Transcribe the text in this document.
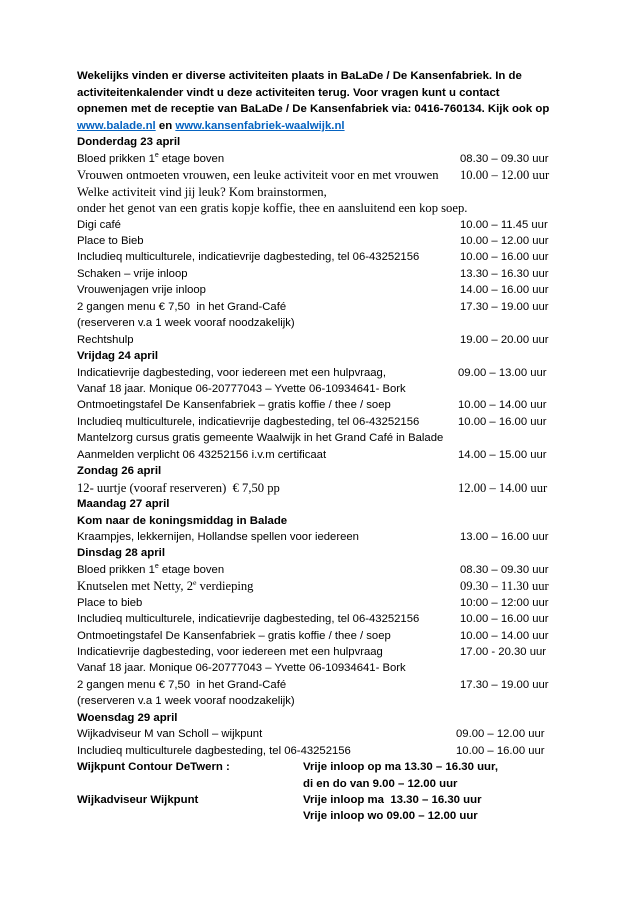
Wekelijks vinden er diverse activiteiten plaats in BaLaDe / De Kansenfabriek. In de activiteitenkalender vindt u deze activiteiten terug. Voor vragen kunt u contact opnemen met de receptie van BaLaDe / De Kansenfabriek via: 0416-760134. Kijk ook op www.balade.nl en www.kansenfabriek-waalwijk.nl

Donderdag 23 april
Bloed prikken 1e etage boven	08.30 – 09.30 uur
Vrouwen ontmoeten vrouwen, een leuke activiteit voor en met vrouwen 10.00 – 12.00 uur
Welke activiteit vind jij leuk? Kom brainstormen,
onder het genot van een gratis kopje koffie, thee en aansluitend een kop soep.
Digi café	10.00 – 11.45 uur
Place to Bieb	10.00 – 12.00 uur
Includieq multiculturele, indicatievrije dagbesteding, tel 06-43252156	10.00 – 16.00 uur
Schaken – vrije inloop	13.30 – 16.30 uur
Vrouwenjagen vrije inloop	14.00 – 16.00 uur
2 gangen menu € 7,50  in het Grand-Café	17.30 – 19.00 uur
(reserveren v.a 1 week vooraf noodzakelijk)
Rechtshulp	19.00 – 20.00 uur
Vrijdag 24 april
Indicatievrije dagbesteding, voor iedereen met een hulpvraag,	09.00 – 13.00 uur
Vanaf 18 jaar. Monique 06-20777043 – Yvette 06-10934641- Bork
Ontmoetingstafel De Kansenfabriek – gratis koffie / thee / soep	10.00 – 14.00 uur
Includieq multiculturele, indicatievrije dagbesteding, tel 06-43252156	10.00 – 16.00 uur
Mantelzorg cursus gratis gemeente Waalwijk in het Grand Café in Balade
Aanmelden verplicht 06 43252156 i.v.m certificaat	14.00 – 15.00 uur
Zondag 26 april
12- uurtje (vooraf reserveren)  € 7,50 pp	12.00 – 14.00 uur
Maandag 27 april
Kom naar de koningsmiddag in Balade
Kraampjes, lekkernijen, Hollandse spellen voor iedereen	13.00 – 16.00 uur
Dinsdag 28 april
Bloed prikken 1e etage boven	08.30 – 09.30 uur
Knutselen met Netty, 2e verdieping	09.30 – 11.30 uur
Place to bieb	10:00 – 12:00 uur
Includieq multiculturele, indicatievrije dagbesteding, tel 06-43252156	10.00 – 16.00 uur
Ontmoetingstafel De Kansenfabriek – gratis koffie / thee / soep	10.00 – 14.00 uur
Indicatievrije dagbesteding, voor iedereen met een hulpvraag	17.00 - 20.30 uur
Vanaf 18 jaar. Monique 06-20777043 – Yvette 06-10934641- Bork
2 gangen menu € 7,50  in het Grand-Café	17.30 – 19.00 uur
(reserveren v.a 1 week vooraf noodzakelijk)
Woensdag 29 april
Wijkadviseur M van Scholl – wijkpunt	09.00 – 12.00 uur
Includieq multiculturele dagbesteding, tel 06-43252156	10.00 – 16.00 uur
Wijkpunt Contour DeTwern :	Vrije inloop op ma 13.30 – 16.30 uur,
di en do van 9.00 – 12.00 uur
Wijkadviseur Wijkpunt	Vrije inloop ma  13.30 – 16.30 uur
Vrije inloop wo 09.00 – 12.00 uur
